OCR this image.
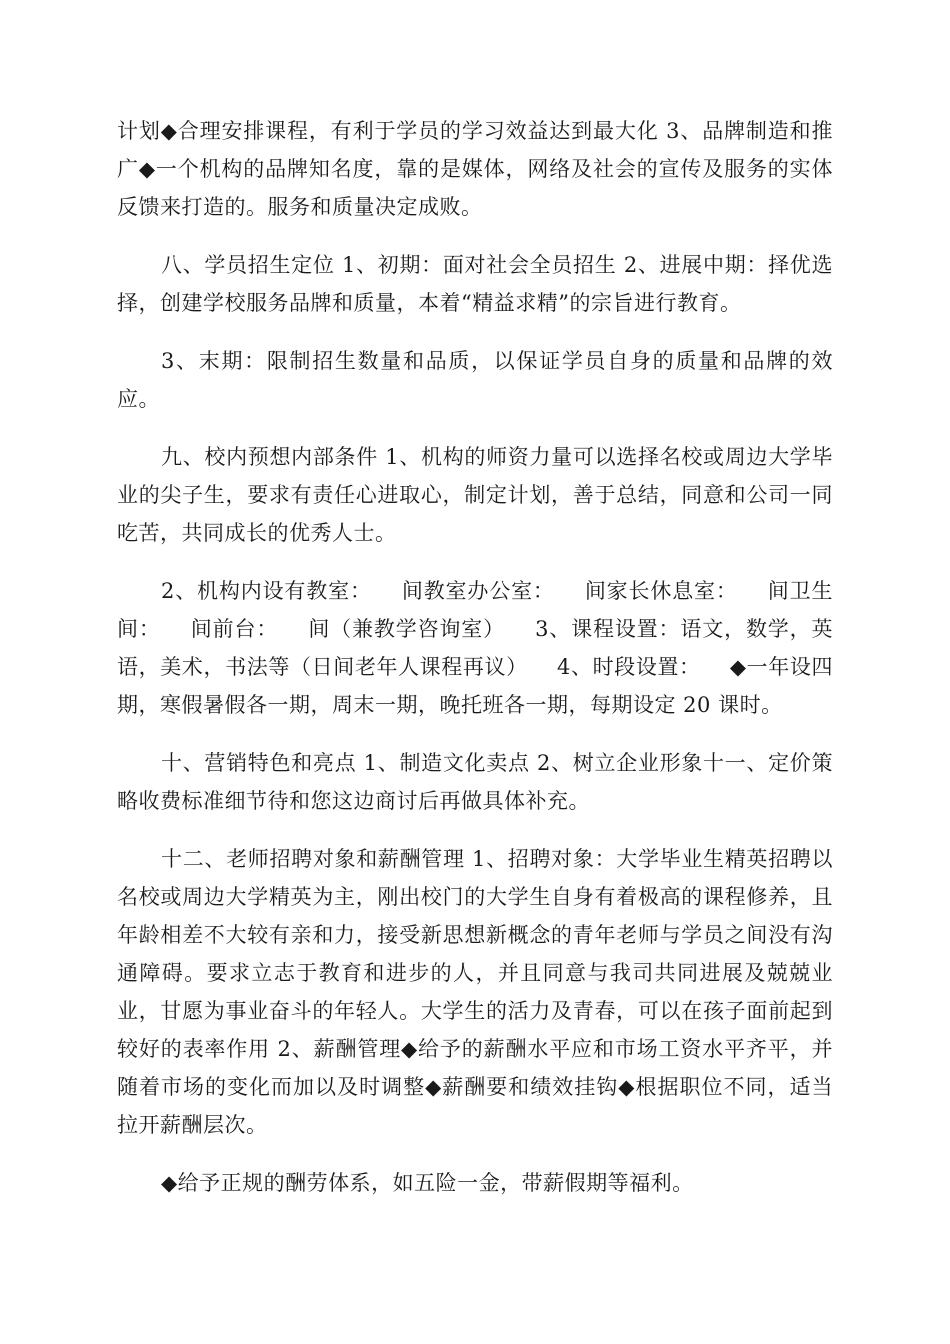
计划◆合理安排课程，有利于学员的学习效益达到最大化 3、品牌制造和推广◆一个机构的品牌知名度，靠的是媒体，网络及社会的宣传及服务的实体反馈来打造的。服务和质量决定成败。

八、学员招生定位 1、初期：面对社会全员招生 2、进展中期：择优选择，创建学校服务品牌和质量，本着“精益求精”的宗旨进行教育。

3、末期：限制招生数量和品质，以保证学员自身的质量和品牌的效应。

九、校内预想内部条件 1、机构的师资力量可以选择名校或周边大学毕业的尖子生，要求有责任心进取心，制定计划，善于总结，同意和公司一同吃苦，共同成长的优秀人士。

2、机构内设有教室：    间教室办公室：    间家长休息室：    间卫生间：    间前台：    间（兼教学咨询室）    3、课程设置：语文，数学，英语，美术，书法等（日间老年人课程再议）    4、时段设置：    ◆一年设四期，寒假暑假各一期，周末一期，晚托班各一期，每期设定 20 课时。

十、营销特色和亮点 1、制造文化卖点 2、树立企业形象十一、定价策略收费标准细节待和您这边商讨后再做具体补充。

十二、老师招聘对象和薪酬管理 1、招聘对象：大学毕业生精英招聘以名校或周边大学精英为主，刚出校门的大学生自身有着极高的课程修养，且年龄相差不大较有亲和力，接受新思想新概念的青年老师与学员之间没有沟通障碍。要求立志于教育和进步的人，并且同意与我司共同进展及兢兢业业，甘愿为事业奋斗的年轻人。大学生的活力及青春，可以在孩子面前起到较好的表率作用 2、薪酬管理◆给予的薪酬水平应和市场工资水平齐平，并随着市场的变化而加以及时调整◆薪酬要和绩效挂钩◆根据职位不同，适当拉开薪酬层次。

◆给予正规的酬劳体系，如五险一金，带薪假期等福利。
